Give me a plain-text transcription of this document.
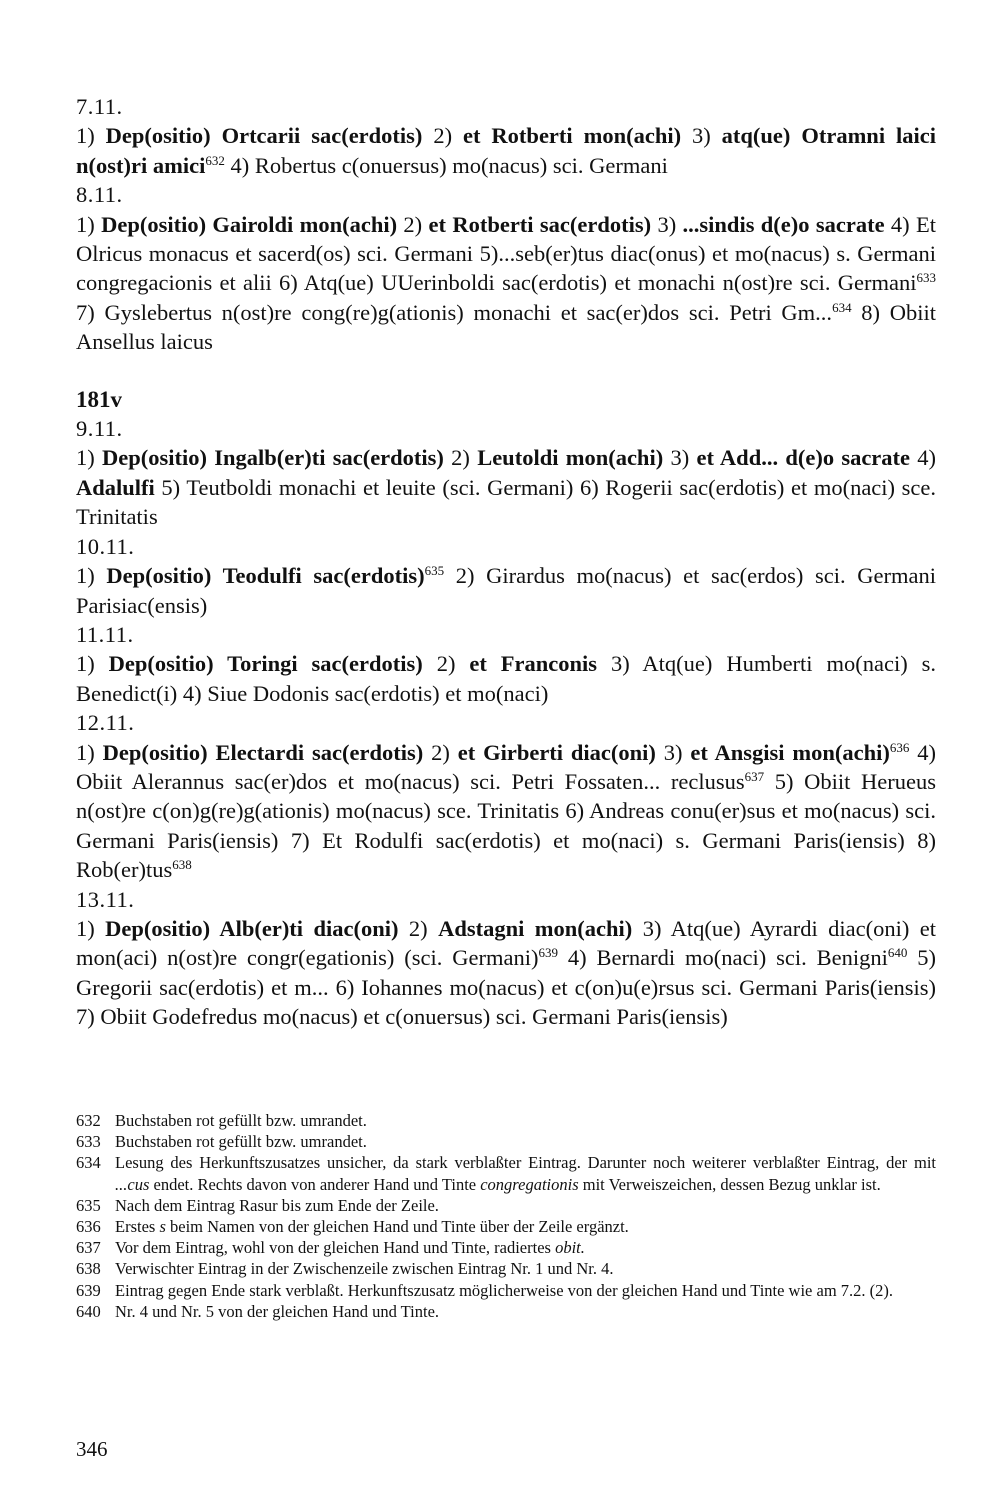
7.11.

1) Dep(ositio) Ortcarii sac(erdotis) 2) et Rotberti mon(achi) 3) atq(ue) Otramni laici n(ost)ri amici$^{632}$ 4) Robertus c(onuersus) mo(nacus) sci. Germani

8.11.

1) Dep(ositio) Gairoldi mon(achi) 2) et Rotberti sac(erdotis) 3) ...sindis d(e)o sacrate 4) Et Olricus monacus et sacerd(os) sci. Germani 5)...seb(er)tus diac(onus) et mo(nacus) s. Germani congregacionis et alii 6) Atq(ue) UUerinboldi sac(erdotis) et monachi n(ost)re sci. Germani$^{633}$ 7) Gyslebertus n(ost)re cong(re)g(ationis) monachi et sac(er)dos sci. Petri Gm...$^{634}$ 8) Obiit Ansellus laicus

181v

9.11.

1) Dep(ositio) Ingalb(er)ti sac(erdotis) 2) Leutoldi mon(achi) 3) et Add... d(e)o sacrate 4) Adalulfi 5) Teutboldi monachi et leuite (sci. Germani) 6) Rogerii sac(erdotis) et mo(naci) sce. Trinitatis

10.11.

1) Dep(ositio) Teodulfi sac(erdotis)$^{635}$ 2) Girardus mo(nacus) et sac(erdos) sci. Germani Parisiac(ensis)

11.11.

1) Dep(ositio) Toringi sac(erdotis) 2) et Franconis 3) Atq(ue) Humberti mo(naci) s. Benedict(i) 4) Siue Dodonis sac(erdotis) et mo(naci)

12.11.

1) Dep(ositio) Electardi sac(erdotis) 2) et Girberti diac(oni) 3) et Ansgisi mon(achi)$^{636}$ 4) Obiit Alerannus sac(er)dos et mo(nacus) sci. Petri Fossaten... reclusus$^{637}$ 5) Obiit Herueus n(ost)re c(on)g(re)g(ationis) mo(nacus) sce. Trinitatis 6) Andreas conu(er)sus et mo(nacus) sci. Germani Paris(iensis) 7) Et Rodulfi sac(erdotis) et mo(naci) s. Germani Paris(iensis) 8) Rob(er)tus$^{638}$

13.11.

1) Dep(ositio) Alb(er)ti diac(oni) 2) Adstagni mon(achi) 3) Atq(ue) Ayrardi diac(oni) et mon(aci) n(ost)re congr(egationis) (sci. Germani)$^{639}$ 4) Bernardi mo(naci) sci. Benigni$^{640}$ 5) Gregorii sac(erdotis) et m... 6) Iohannes mo(nacus) et c(on)u(e)rsus sci. Germani Paris(iensis) 7) Obiit Godefredus mo(nacus) et c(onuersus) sci. Germani Paris(iensis)

632 Buchstaben rot gefüllt bzw. umrandet.
633 Buchstaben rot gefüllt bzw. umrandet.
634 Lesung des Herkunftszusatzes unsicher, da stark verblaßter Eintrag. Darunter noch weiterer verblaßter Eintrag, der mit ...cus endet. Rechts davon von anderer Hand und Tinte congregationis mit Verweiszeichen, dessen Bezug unklar ist.
635 Nach dem Eintrag Rasur bis zum Ende der Zeile.
636 Erstes s beim Namen von der gleichen Hand und Tinte über der Zeile ergänzt.
637 Vor dem Eintrag, wohl von der gleichen Hand und Tinte, radiertes obit.
638 Verwischter Eintrag in der Zwischenzeile zwischen Eintrag Nr. 1 und Nr. 4.
639 Eintrag gegen Ende stark verblaßt. Herkunftszusatz möglicherweise von der gleichen Hand und Tinte wie am 7.2. (2).
640 Nr. 4 und Nr. 5 von der gleichen Hand und Tinte.
346
